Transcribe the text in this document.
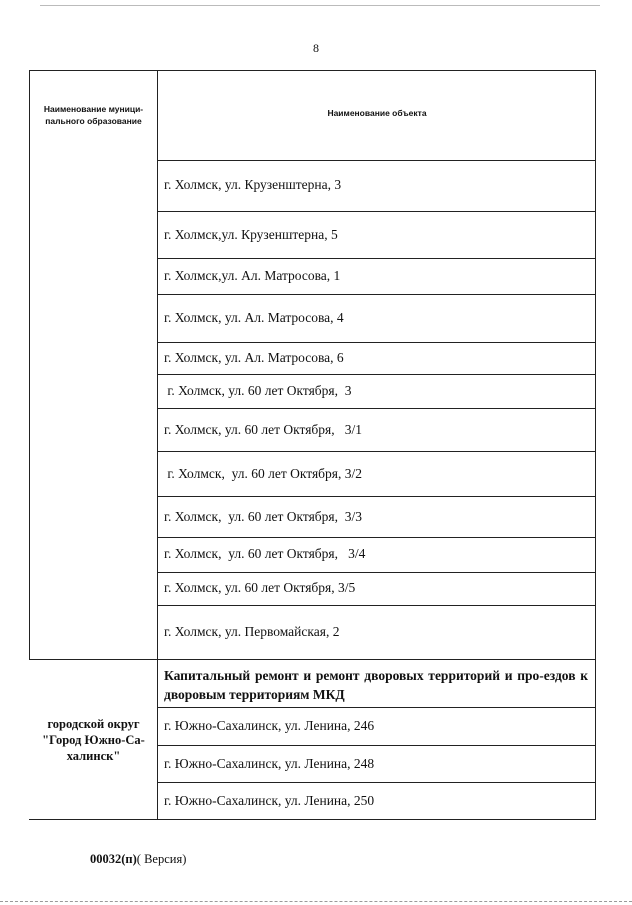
8
Наименование муници-пального образование
Наименование объекта
г. Холмск, ул. Крузенштерна, 3
г. Холмск,ул. Крузенштерна, 5
г. Холмск,ул. Ал. Матросова, 1
г. Холмск, ул. Ал. Матросова, 4
г. Холмск, ул. Ал. Матросова, 6
г. Холмск, ул. 60 лет Октября,  3
г. Холмск, ул. 60 лет Октября,   3/1
г. Холмск,  ул. 60 лет Октября, 3/2
г. Холмск,  ул. 60 лет Октября,  3/3
г. Холмск,  ул. 60 лет Октября,   3/4
г. Холмск, ул. 60 лет Октября, 3/5
г. Холмск, ул. Первомайская, 2
Капитальный ремонт и ремонт дворовых территорий и про-ездов к дворовым территориям МКД
городской округ "Город Южно-Са-халинск"
г. Южно-Сахалинск, ул. Ленина, 246
г. Южно-Сахалинск, ул. Ленина, 248
г. Южно-Сахалинск, ул. Ленина, 250
00032(п)( Версия)
